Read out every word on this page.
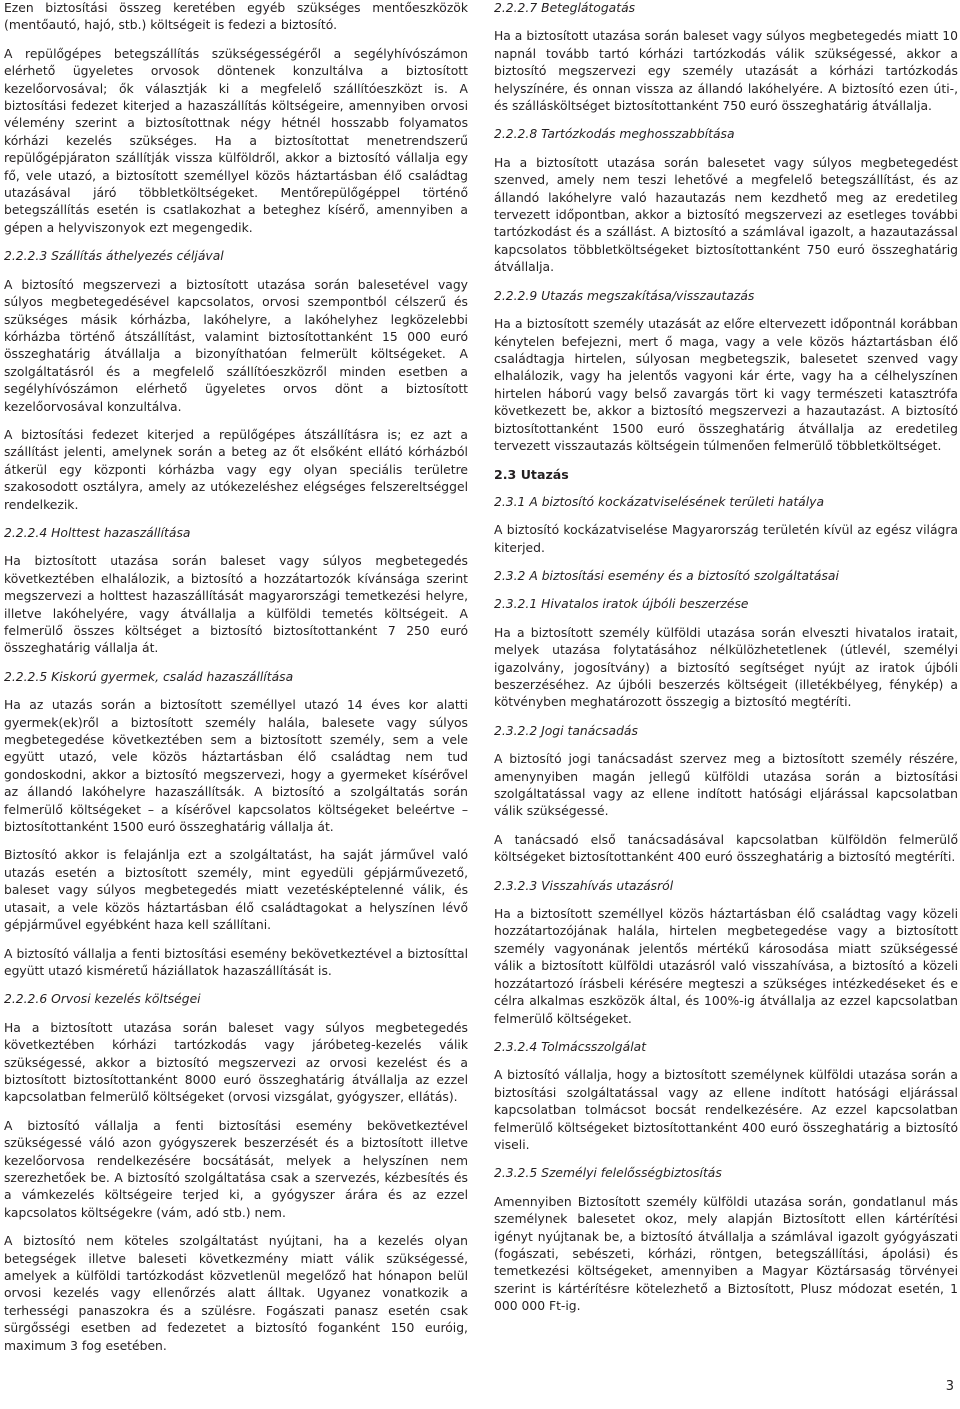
Ezen biztosítási összeg keretében egyéb szükséges mentőeszközök (mentőautó, hajó, stb.) költségeit is fedezi a biztosító.

A repülőgépes betegszállítás szükségességéről a segélyhívószámon elérhető ügyeletes orvosok döntenek konzultálva a biztosított kezelőorvosával; ők választják ki a megfelelő szállítóeszközt is. A biztosítási fedezet kiterjed a hazaszállítás költségeire, amennyiben orvosi vélemény szerint a biztosítottnak négy hétnél hosszabb folyamatos kórházi kezelés szükséges. Ha a biztosítottat menetrendszerű repülőgépjáraton szállítják vissza külföldről, akkor a biztosító vállalja egy fő, vele utazó, a biztosított személlyel közös háztartásban élő családtag utazásával járó többletköltségeket. Mentőrepülőgéppel történő betegszállítás esetén is csatlakozhat a beteghez kísérő, amennyiben a gépen a helyviszonyok ezt megengedik.

2.2.2.3 Szállítás áthelyezés céljával

A biztosító megszervezi a biztosított utazása során balesetével vagy súlyos megbetegedésével kapcsolatos, orvosi szempontból célszerű és szükséges másik kórházba, lakóhelyre, a lakóhelyhez legközelebbi kórházba történő átszállítást, valamint biztosítottanként 15 000 euró összeghatárig átvállalja a bizonyíthatóan felmerült költségeket. A szolgáltatásról és a megfelelő szállítóeszközről minden esetben a segélyhívószámon elérhető ügyeletes orvos dönt a biztosított kezelőorvosával konzultálva.

A biztosítási fedezet kiterjed a repülőgépes átszállításra is; ez azt a szállítást jelenti, amelynek során a beteg az őt elsőként ellátó kórházból átkerül egy központi kórházba vagy egy olyan speciális területre szakosodott osztályra, amely az utókezeléshez elégséges felszereltséggel rendelkezik.

2.2.2.4 Holttest hazaszállítása

Ha biztosított utazása során baleset vagy súlyos megbetegedés következtében elhalálozik, a biztosító a hozzátartozók kívánsága szerint megszervezi a holttest hazaszállítását magyarországi temetkezési helyre, illetve lakóhelyére, vagy átvállalja a külföldi temetés költségeit. A felmerülő összes költséget a biztosító biztosítottanként 7 250 euró összeghatárig vállalja át.

2.2.2.5 Kiskorú gyermek, család hazaszállítása

Ha az utazás során a biztosított személlyel utazó 14 éves kor alatti gyermek(ek)ről a biztosított személy halála, balesete vagy súlyos megbetegedése következtében sem a biztosított személy, sem a vele együtt utazó, vele közös háztartásban élő családtag nem tud gondoskodni, akkor a biztosító megszervezi, hogy a gyermeket kísérővel az állandó lakóhelyre hazaszállítsák. A biztosító a szolgáltatás során felmerülő költségeket – a kísérővel kapcsolatos költségeket beleértve – biztosítottanként 1500 euró összeghatárig vállalja át.

Biztosító akkor is felajánlja ezt a szolgáltatást, ha saját járművel való utazás esetén a biztosított személy, mint egyedüli gépjárművezető, baleset vagy súlyos megbetegedés miatt vezetésképtelenné válik, és utasait, a vele közös háztartásban élő családtagokat a helyszínen lévő gépjárművel egyébként haza kell szállítani.

A biztosító vállalja a fenti biztosítási esemény bekövetkeztével a biztosíttal együtt utazó kisméretű háziállatok hazaszállítását is.

2.2.2.6 Orvosi kezelés költségei

Ha a biztosított utazása során baleset vagy súlyos megbetegedés következtében kórházi tartózkodás vagy járóbeteg-kezelés válik szükségessé, akkor a biztosító megszervezi az orvosi kezelést és a biztosított biztosítottanként 8000 euró összeghatárig átvállalja az ezzel kapcsolatban felmerülő költségeket (orvosi vizsgálat, gyógyszer, ellátás).

A biztosító vállalja a fenti biztosítási esemény bekövetkeztével szükségessé váló azon gyógyszerek beszerzését és a biztosított illetve kezelőorvosa rendelkezésére bocsátását, melyek a helyszínen nem szerezhetőek be. A biztosító szolgáltatása csak a szervezés, kézbesítés és a vámkezelés költségeire terjed ki, a gyógyszer árára és az ezzel kapcsolatos költségekre (vám, adó stb.) nem.

A biztosító nem köteles szolgáltatást nyújtani, ha a kezelés olyan betegségek illetve baleseti következmény miatt válik szükségessé, amelyek a külföldi tartózkodást közvetlenül megelőző hat hónapon belül orvosi kezelés vagy ellenőrzés alatt álltak. Ugyanez vonatkozik a terhességi panaszokra és a szülésre. Fogászati panasz esetén csak sürgősségi esetben ad fedezetet a biztosító foganként 150 euróig, maximum 3 fog esetében.

2.2.2.7 Beteglátogatás

Ha a biztosított utazása során baleset vagy súlyos megbetegedés miatt 10 napnál tovább tartó kórházi tartózkodás válik szükségessé, akkor a biztosító megszervezi egy személy utazását a kórházi tartózkodás helyszínére, és onnan vissza az állandó lakóhelyére. A biztosító ezen úti-, és szállásköltséget biztosítottanként 750 euró összeghatárig átvállalja.

2.2.2.8 Tartózkodás meghosszabbítása

Ha a biztosított utazása során balesetet vagy súlyos megbetegedést szenved, amely nem teszi lehetővé a megfelelő betegszállítást, és az állandó lakóhelyre való hazautazás nem kezdhető meg az eredetileg tervezett időpontban, akkor a biztosító megszervezi az esetleges további tartózkodást és a szállást. A biztosító a számlával igazolt, a hazautazással kapcsolatos többletköltségeket biztosítottanként 750 euró összeghatárig átvállalja.

2.2.2.9 Utazás megszakítása/visszautazás

Ha a biztosított személy utazását az előre eltervezett időpontnál korábban kénytelen befejezni, mert ő maga, vagy a vele közös háztartásban élő családtagja hirtelen, súlyosan megbetegszik, balesetet szenved vagy elhalálozik, vagy ha jelentős vagyoni kár érte, vagy ha a célhelyszínen hirtelen háború vagy belső zavargás tört ki vagy természeti katasztrófa következett be, akkor a biztosító megszervezi a hazautazást. A biztosító biztosítottanként 1500 euró összeghatárig átvállalja az eredetileg tervezett visszautazás költségein túlmenően felmerülő többletköltséget.

2.3 Utazás
2.3.1 A biztosító kockázatviselésének területi hatálya

A biztosító kockázatviselése Magyarország területén kívül az egész világra kiterjed.

2.3.2 A biztosítási esemény és a biztosító szolgáltatásai
2.3.2.1 Hivatalos iratok újbóli beszerzése

Ha a biztosított személy külföldi utazása során elveszti hivatalos iratait, melyek utazása folytatásához nélkülözhetetlenek (útlevél, személyi igazolvány, jogosítvány) a biztosító segítséget nyújt az iratok újbóli beszerzéséhez. Az újbóli beszerzés költségeit (illetékbélyeg, fénykép) a kötvényben meghatározott összegig a biztosító megtéríti.

2.3.2.2 Jogi tanácsadás

A biztosító jogi tanácsadást szervez meg a biztosított személy részére, amenynyiben magán jellegű külföldi utazása során a biztosítási szolgáltatással vagy az ellene indított hatósági eljárással kapcsolatban válik szükségessé.

A tanácsadó első tanácsadásával kapcsolatban külföldön felmerülő költségeket biztosítottanként 400 euró összeghatárig a biztosító megtéríti.

2.3.2.3 Visszahívás utazásról

Ha a biztosított személlyel közös háztartásban élő családtag vagy közeli hozzátartozójának halála, hirtelen megbetegedése vagy a biztosított személy vagyonának jelentős mértékű károsodása miatt szükségessé válik a biztosított külföldi utazásról való visszahívása, a biztosító a közeli hozzátartozó írásbeli kérésére megteszi a szükséges intézkedéseket és e célra alkalmas eszközök által, és 100%-ig átvállalja az ezzel kapcsolatban felmerülő költségeket.

2.3.2.4 Tolmácsszolgálat

A biztosító vállalja, hogy a biztosított személynek külföldi utazása során a biztosítási szolgáltatással vagy az ellene indított hatósági eljárással kapcsolatban tolmácsot bocsát rendelkezésére. Az ezzel kapcsolatban felmerülő költségeket biztosítottanként 400 euró összeghatárig a biztosító viseli.

2.3.2.5 Személyi felelősségbiztosítás

Amennyiben Biztosított személy külföldi utazása során, gondatlanul más személynek balesetet okoz, mely alapján Biztosított ellen kártérítési igényt nyújtanak be, a biztosító átvállalja a számlával igazolt gyógyászati (fogászati, sebészeti, kórházi, röntgen, betegszállítási, ápolási) és temetkezési költségeket, amennyiben a Magyar Köztársaság törvényei szerint is kártérítésre kötelezhető a Biztosított, Plusz módozat esetén, 1 000 000 Ft-ig.

3
